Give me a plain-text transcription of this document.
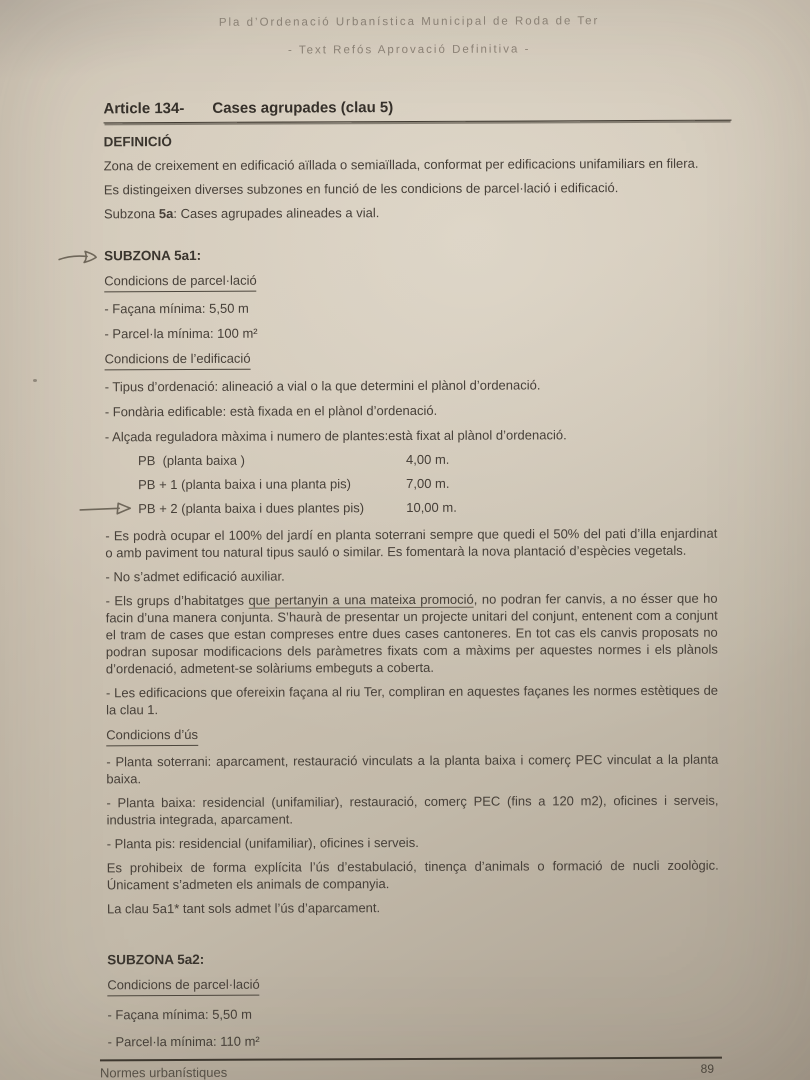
Pla d’Ordenació Urbanística Municipal de Roda de Ter
- Text Refós Aprovació Definitiva -
Article 134- Cases agrupades (clau 5)
DEFINICIÓ

Zona de creixement en edificació aïllada o semiaïllada, conformat per edificacions unifamiliars en filera.

Es distingeixen diverses subzones en funció de les condicions de parcel·lació i edificació.

Subzona 5a: Cases agrupades alineades a vial.

SUBZONA 5a1:
Condicions de parcel·lació

- Façana mínima: 5,50 m

- Parcel·la mínima: 100 m²

Condicions de l’edificació

- Tipus d’ordenació: alineació a vial o la que determini el plànol d’ordenació.

- Fondària edificable: està fixada en el plànol d’ordenació.

- Alçada reguladora màxima i numero de plantes:està fixat al plànol d’ordenació.

PB  (planta baixa )	4,00 m.
PB + 1 (planta baixa i una planta pis)	7,00 m.
PB + 2 (planta baixa i dues plantes pis)	10,00 m.

- Es podrà ocupar el 100% del jardí en planta soterrani sempre que quedi el 50% del pati d’illa enjardinat o amb paviment tou natural tipus sauló o similar. Es fomentarà la nova plantació d’espècies vegetals.

- No s’admet edificació auxiliar.

- Els grups d’habitatges que pertanyin a una mateixa promoció, no podran fer canvis, a no ésser que ho facin d’una manera conjunta. S’haurà de presentar un projecte unitari del conjunt, entenent com a conjunt el tram de cases que estan compreses entre dues cases cantoneres. En tot cas els canvis proposats no podran suposar modificacions dels paràmetres fixats com a màxims per aquestes normes i els plànols d’ordenació, admetent-se solàriums embeguts a coberta.

- Les edificacions que ofereixin façana al riu Ter, compliran en aquestes façanes les normes estètiques de la clau 1.

Condicions d’ús

- Planta soterrani: aparcament, restauració vinculats a la planta baixa i comerç PEC vinculat a la planta baixa.

- Planta baixa: residencial (unifamiliar), restauració, comerç PEC (fins a 120 m2), oficines i serveis, industria integrada, aparcament.

- Planta pis: residencial (unifamiliar), oficines i serveis.

Es prohibeix de forma explícita l’ús d’estabulació, tinença d’animals o formació de nucli zoològic. Únicament s’admeten els animals de companyia.

La clau 5a1* tant sols admet l’ús d’aparcament.

SUBZONA 5a2:
Condicions de parcel·lació

- Façana mínima: 5,50 m

- Parcel·la mínima: 110 m²

Normes urbanístiques	89
